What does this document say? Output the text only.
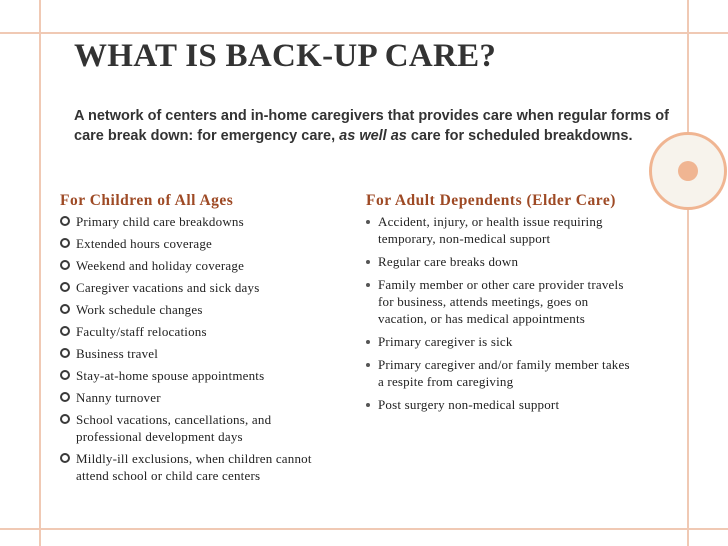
WHAT IS BACK-UP CARE?

A network of centers and in-home caregivers that provides care when regular forms of care break down: for emergency care, as well as care for scheduled breakdowns.

For Children of All Ages
Primary child care breakdowns
Extended hours coverage
Weekend and holiday coverage
Caregiver vacations and sick days
Work schedule changes
Faculty/staff relocations
Business travel
Stay-at-home spouse appointments
Nanny turnover
School vacations, cancellations, and professional development days
Mildly-ill exclusions, when children cannot attend school or child care centers
For Adult Dependents (Elder Care)
Accident, injury, or health issue requiring temporary, non-medical support
Regular care breaks down
Family member or other care provider travels for business, attends meetings, goes on vacation, or has medical appointments
Primary caregiver is sick
Primary caregiver and/or family member takes a respite from caregiving
Post surgery non-medical support
